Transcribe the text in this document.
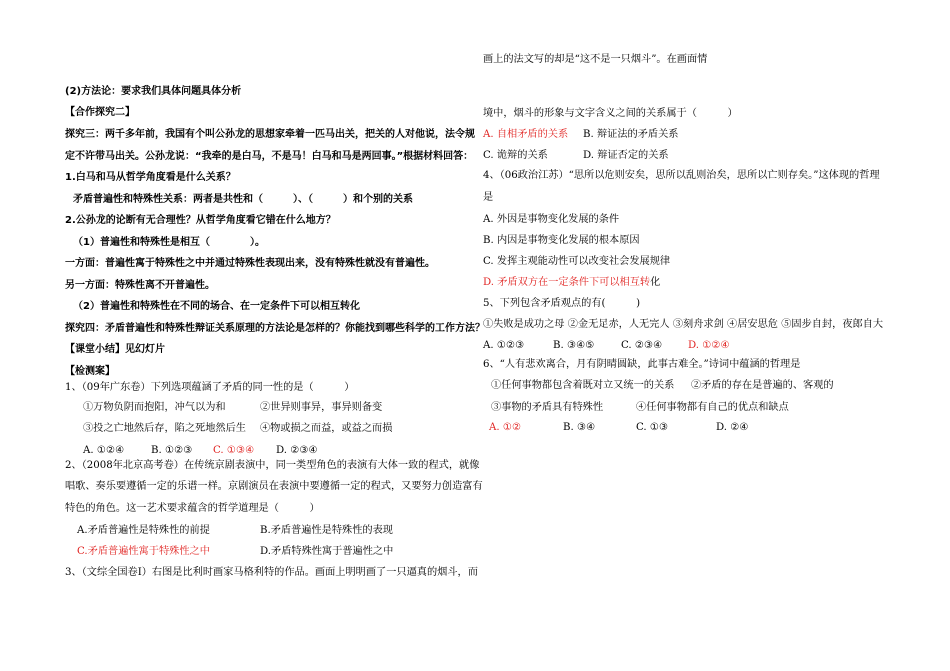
(2)方法论：要求我们具体问题具体分析
【合作探究二】
探究三：两千多年前，我国有个叫公孙龙的思想家牵着一匹马出关，把关的人对他说，法令规
定不许带马出关。公孙龙说：“我牵的是白马，不是马！白马和马是两回事。”根据材料回答：
1.白马和马从哲学角度看是什么关系？
矛盾普遍性和特殊性关系：两者是共性和（　　　）、（　　　）和个别的关系
2.公孙龙的论断有无合理性？从哲学角度看它错在什么地方？
（1）普遍性和特殊性是相互（　　　　）。
一方面：普遍性寓于特殊性之中并通过特殊性表现出来，没有特殊性就没有普遍性。
另一方面：特殊性离不开普遍性。
（2）普遍性和特殊性在不同的场合、在一定条件下可以相互转化
探究四：矛盾普遍性和特殊性辩证关系原理的方法论是怎样的？你能找到哪些科学的工作方法？
【课堂小结】见幻灯片
【检测案】
1、（09年广东卷）下列选项蕴涵了矛盾的同一性的是（　　　）
①万物负阴而抱阳，冲气以为和	②世异则事异，事异则备变
③投之亡地然后存，陷之死地然后生 ④物或损之而益，或益之而损
A. ①②④	B. ①②③ C. ①③④ D. ②③④
2、（2008年北京高考卷）在传统京剧表演中，同一类型角色的表演有大体一致的程式，就像
唱歌、奏乐要遵循一定的乐谱一样。京剧演员在表演中要遵循一定的程式，又要努力创造富有
特色的角色。这一艺术要求蕴含的哲学道理是（　　　）
A.矛盾普遍性是特殊性的前提	B.矛盾普遍性是特殊性的表现
C.矛盾普遍性寓于特殊性之中	D.矛盾特殊性寓于普遍性之中
3、（文综全国卷Ⅰ）右图是比利时画家马格利特的作品。画面上明明画了一只逼真的烟斗，而
画上的法文写的却是“这不是一只烟斗”。在画面情
境中，烟斗的形象与文字含义之间的关系属于（　　　）
A. 自相矛盾的关系 B. 辩证法的矛盾关系
C. 诡辩的关系	D. 辩证否定的关系
4、（06政治江苏）“思所以危则安矣，思所以乱则治矣，思所以亡则存矣。”这体现的哲理
是
A. 外因是事物变化发展的条件
B. 内因是事物变化发展的根本原因
C. 发挥主观能动性可以改变社会发展规律
D. 矛盾双方在一定条件下可以相互转化
5、下列包含矛盾观点的有(　　　)
①失败是成功之母 ②金无足赤，人无完人 ③刻舟求剑 ④居安思危 ⑤固步自封，夜郎自大
A. ①②③	B. ③④⑤	C. ②③④	D. ①②④
6、“人有悲欢离合，月有阴晴圆缺，此事古难全。”诗词中蕴涵的哲理是
①任何事物都包含着既对立又统一的关系 ②矛盾的存在是普遍的、客观的
③事物的矛盾具有特殊性	④任何事物都有自己的优点和缺点
A. ①②	B. ③④	C. ①③	D. ②④
